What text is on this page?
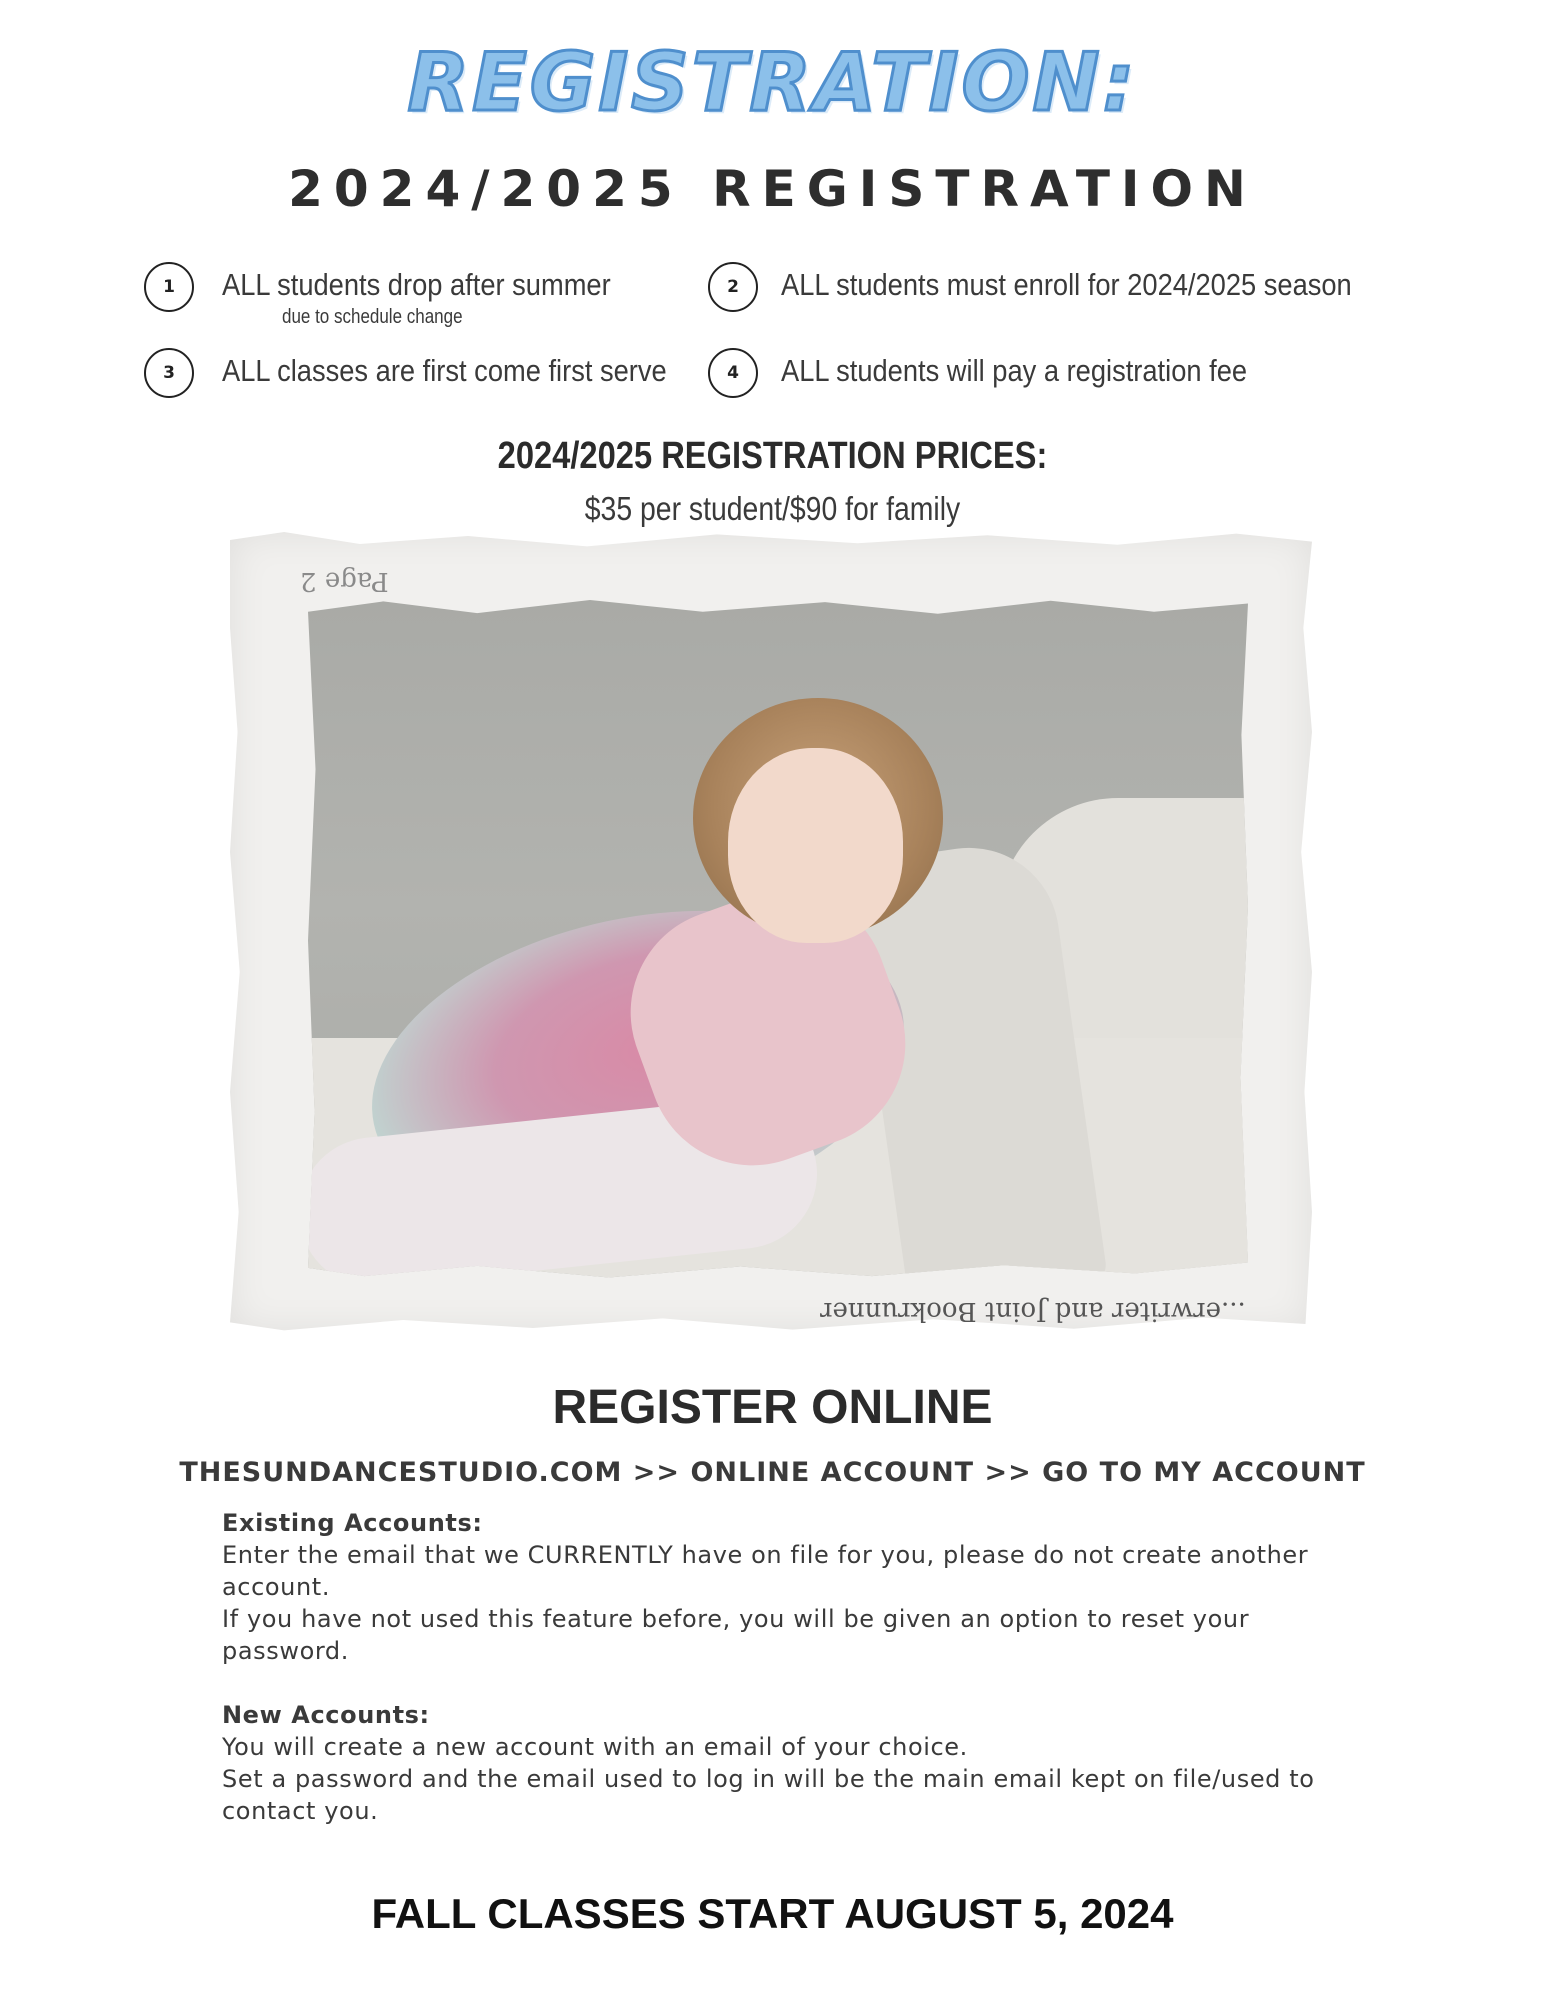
REGISTRATION:
2024/2025 REGISTRATION
1	ALL students drop after summer
due to schedule change
2	ALL students must enroll for 2024/2025 season
3	ALL classes are first come first serve	4	ALL students will pay a registration fee
2024/2025 REGISTRATION PRICES:
$35 per student/$90 for family
Page 2
...erwriter and Joint Bookrunner
REGISTER ONLINE
THESUNDANCESTUDIO.COM >> ONLINE ACCOUNT >> GO TO MY ACCOUNT

Existing Accounts:

Enter the email that we CURRENTLY have on file for you, please do not create another account.

If you have not used this feature before, you will be given an option to reset your password.

New Accounts:

You will create a new account with an email of your choice.

Set a password and the email used to log in will be the main email kept on file/used to contact you.

FALL CLASSES START AUGUST 5, 2024
